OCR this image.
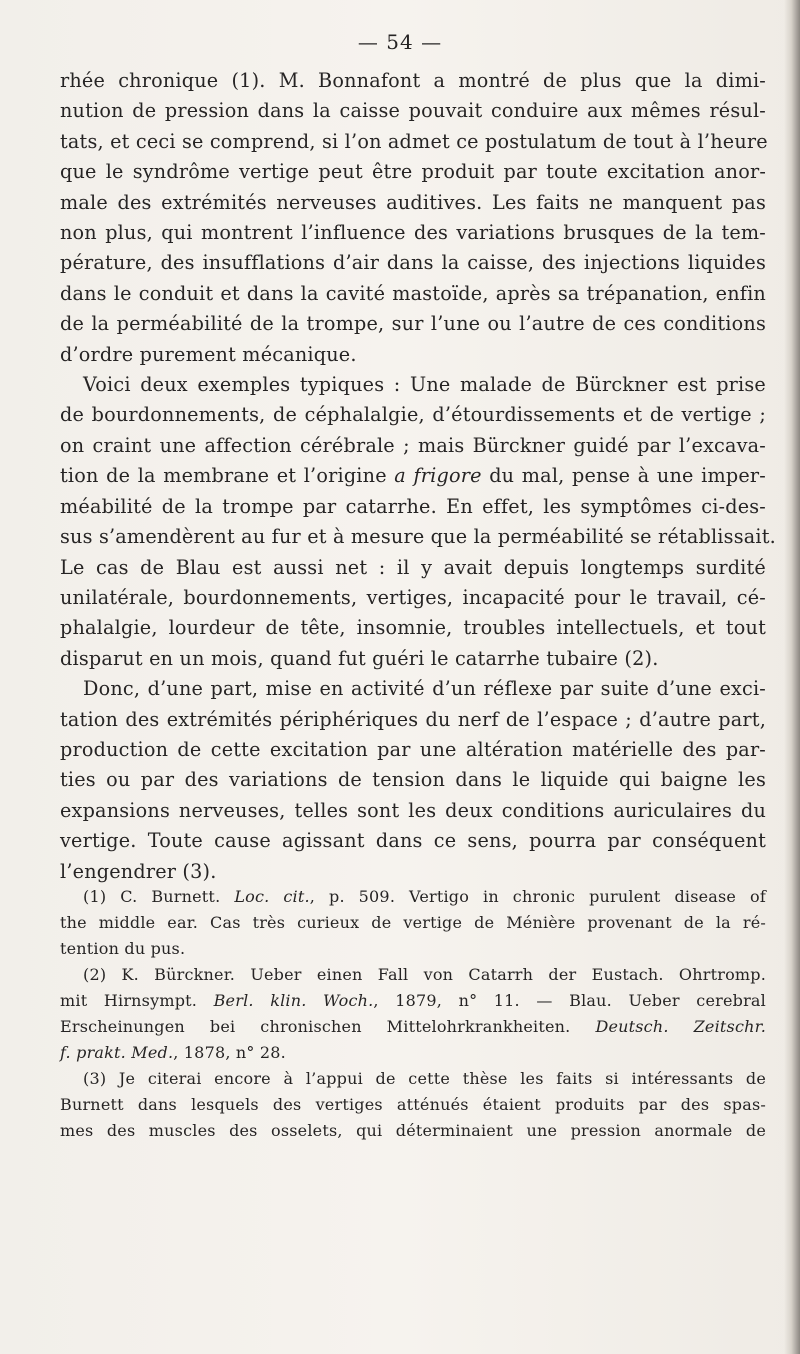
— 54 —
rhée chronique (1). M. Bonnafont a montré de plus que la dimi-
nution de pression dans la caisse pouvait conduire aux mêmes résul-
tats, et ceci se comprend, si l’on admet ce postulatum de tout à l’heure
que le syndrôme vertige peut être produit par toute excitation anor-
male des extrémités nerveuses auditives. Les faits ne manquent pas
non plus, qui montrent l’influence des variations brusques de la tem-
pérature, des insufflations d’air dans la caisse, des injections liquides
dans le conduit et dans la cavité mastoïde, après sa trépanation, enfin
de la perméabilité de la trompe, sur l’une ou l’autre de ces conditions
d’ordre purement mécanique.
Voici deux exemples typiques : Une malade de Bürckner est prise
de bourdonnements, de céphalalgie, d’étourdissements et de vertige ;
on craint une affection cérébrale ; mais Bürckner guidé par l’excava-
tion de la membrane et l’origine a frigore du mal, pense à une imper-
méabilité de la trompe par catarrhe. En effet, les symptômes ci-des-
sus s’amendèrent au fur et à mesure que la perméabilité se rétablissait.
Le cas de Blau est aussi net : il y avait depuis longtemps surdité
unilatérale, bourdonnements, vertiges, incapacité pour le travail, cé-
phalalgie, lourdeur de tête, insomnie, troubles intellectuels, et tout
disparut en un mois, quand fut guéri le catarrhe tubaire (2).
Donc, d’une part, mise en activité d’un réflexe par suite d’une exci-
tation des extrémités périphériques du nerf de l’espace ; d’autre part,
production de cette excitation par une altération matérielle des par-
ties ou par des variations de tension dans le liquide qui baigne les
expansions nerveuses, telles sont les deux conditions auriculaires du
vertige. Toute cause agissant dans ce sens, pourra par conséquent
l’engendrer (3).
(1) C. Burnett. Loc. cit., p. 509. Vertigo in chronic purulent disease of
the middle ear. Cas très curieux de vertige de Ménière provenant de la ré-
tention du pus.
(2) K. Bürckner. Ueber einen Fall von Catarrh der Eustach. Ohrtromp.
mit Hirnsympt. Berl. klin. Woch., 1879, n° 11. — Blau. Ueber cerebral
Erscheinungen bei chronischen Mittelohrkrankheiten. Deutsch. Zeitschr.
f. prakt. Med., 1878, n° 28.
(3) Je citerai encore à l’appui de cette thèse les faits si intéressants de
Burnett dans lesquels des vertiges atténués étaient produits par des spas-
mes des muscles des osselets, qui déterminaient une pression anormale de
